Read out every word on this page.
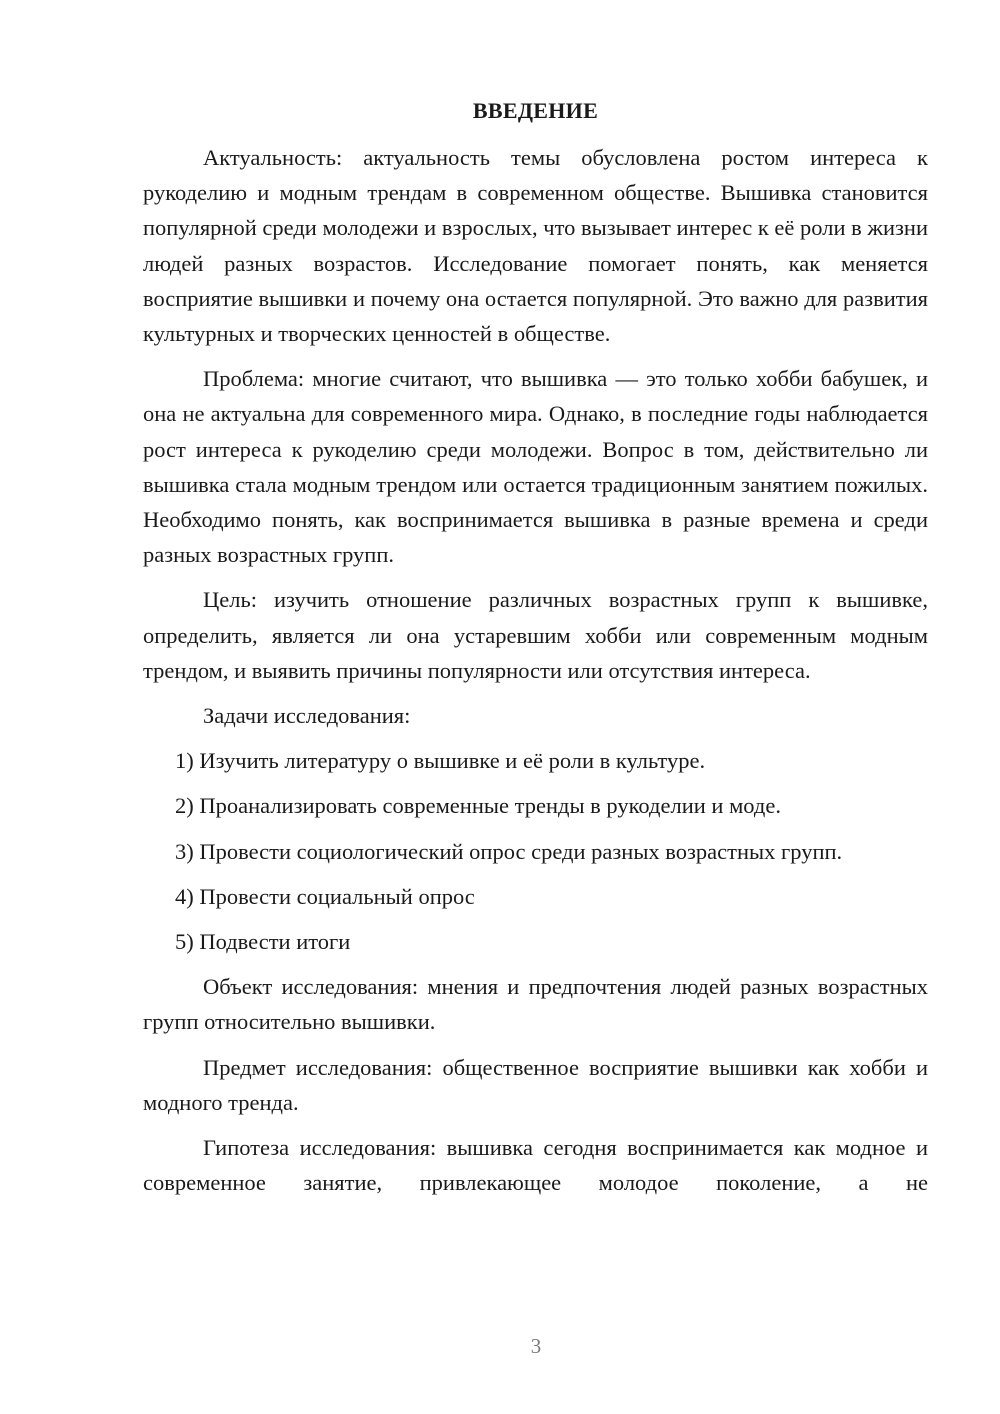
ВВЕДЕНИЕ

Актуальность: актуальность темы обусловлена ростом интереса к рукоделию и модным трендам в современном обществе. Вышивка становится популярной среди молодежи и взрослых, что вызывает интерес к её роли в жизни людей разных возрастов. Исследование помогает понять, как меняется восприятие вышивки и почему она остается популярной. Это важно для развития культурных и творческих ценностей в обществе.

Проблема: многие считают, что вышивка — это только хобби бабушек, и она не актуальна для современного мира. Однако, в последние годы наблюдается рост интереса к рукоделию среди молодежи. Вопрос в том, действительно ли вышивка стала модным трендом или остается традиционным занятием пожилых. Необходимо понять, как воспринимается вышивка в разные времена и среди разных возрастных групп.

Цель: изучить отношение различных возрастных групп к вышивке, определить, является ли она устаревшим хобби или современным модным трендом, и выявить причины популярности или отсутствия интереса.

Задачи исследования:

1) Изучить литературу о вышивке и её роли в культуре.
2) Проанализировать современные тренды в рукоделии и моде.
3) Провести социологический опрос среди разных возрастных групп.
4) Провести социальный опрос
5) Подвести итоги

Объект исследования: мнения и предпочтения людей разных возрастных групп относительно вышивки.

Предмет исследования: общественное восприятие вышивки как хобби и модного тренда.

Гипотеза исследования: вышивка сегодня воспринимается как модное и современное занятие, привлекающее молодое поколение, а не

3
